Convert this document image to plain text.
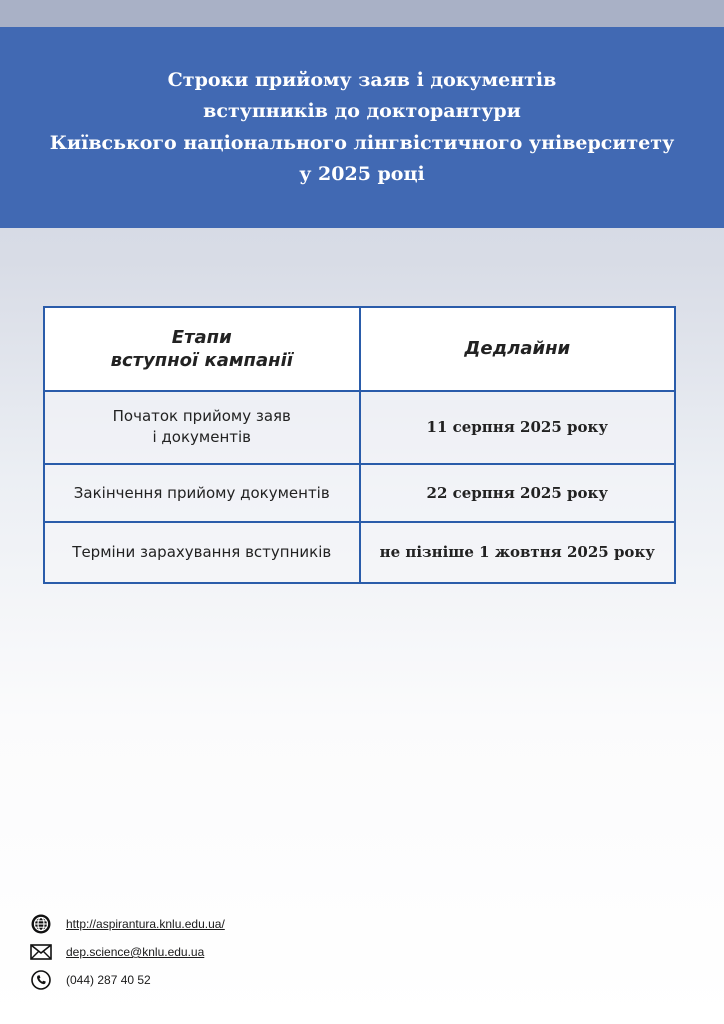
Строки прийому заяв і документів
вступників до докторантури
Київського національного лінгвістичного університету
у 2025 році
Етапи
вступної кампанії	Дедлайни

Початок прийому заяв
і документів	11 серпня 2025 року

Закінчення прийому документів	22 серпня 2025 року

Терміни зарахування вступників	не пізніше 1 жовтня 2025 року
http://aspirantura.knlu.edu.ua/
dep.science@knlu.edu.ua
(044) 287 40 52
